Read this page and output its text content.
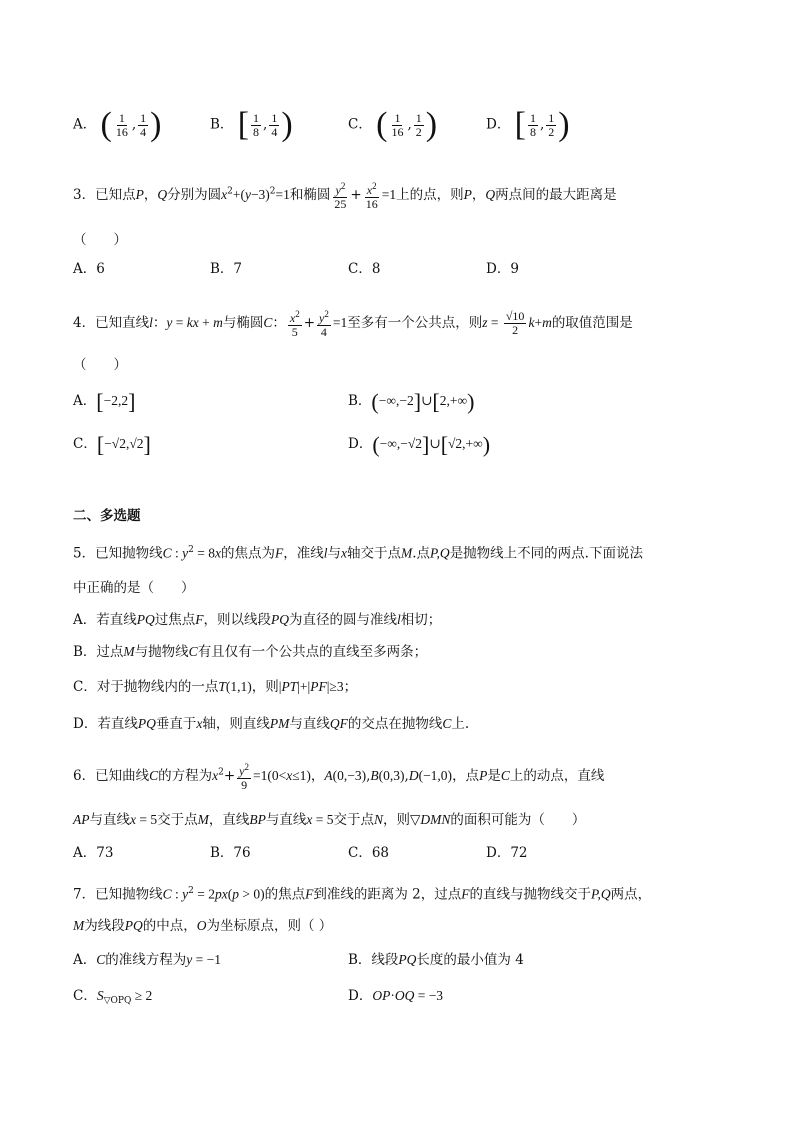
A． ( $\frac{1}{16}$ , $\frac{1}{4}$ )	B． [ $\frac{1}{8}$ , $\frac{1}{4}$ )	C． ( $\frac{1}{16}$ , $\frac{1}{2}$ )	D． [ $\frac{1}{8}$ , $\frac{1}{2}$ )
3．已知点P，Q分别为圆$x^2+(y-3)^2=1$和椭圆 $\frac{y^2}{25} + \frac{x^2}{16} =1$上的点，则P，Q两点间的最大距离是
（　　）
A．6	B．7	C．8	D．9
4．已知直线l：y = kx + m与椭圆C： $\frac{x^2}{5} + \frac{y^2}{4} =1$至多有一个公共点，则$z = \frac{√10}{2} k+m$的取值范围是
（　　）
A．[−2,2]	B．(−∞,−2]∪[2,+∞)
C．[−√2,√2]	D．(−∞,−√2]∪[√2,+∞)
二、多选题
5．已知抛物线C : $y^2 = 8x$的焦点为F，准线l与x轴交于点M.点P,Q是抛物线上不同的两点.下面说法
中正确的是（　　）
A．若直线PQ过焦点F，则以线段PQ为直径的圆与准线l相切；
B．过点M与抛物线C有且仅有一个公共点的直线至多两条；
C．对于抛物线内的一点T(1,1)，则|PT|+|PF|≥3；
D．若直线PQ垂直于x轴，则直线PM与直线QF的交点在抛物线C上.
6．已知曲线C的方程为$x^2+ \frac{y^2}{9} =1(0<x\le 1)$，A(0,−3),B(0,3),D(−1,0)，点P是C上的动点，直线
AP与直线x = 5交于点M，直线BP与直线x = 5交于点N，则▽DMN的面积可能为（　　）
A．73	B．76	C．68	D．72
7．已知抛物线C : $y^2 = 2px(p > 0)$的焦点F到准线的距离为 2，过点F的直线与抛物线交于P,Q两点，
M为线段PQ的中点，O为坐标原点，则（ ）
A．C的准线方程为y = −1	B．线段PQ长度的最小值为 4
C．$S_{▽OPQ} \ge 2$	D．OP·OQ = −3
